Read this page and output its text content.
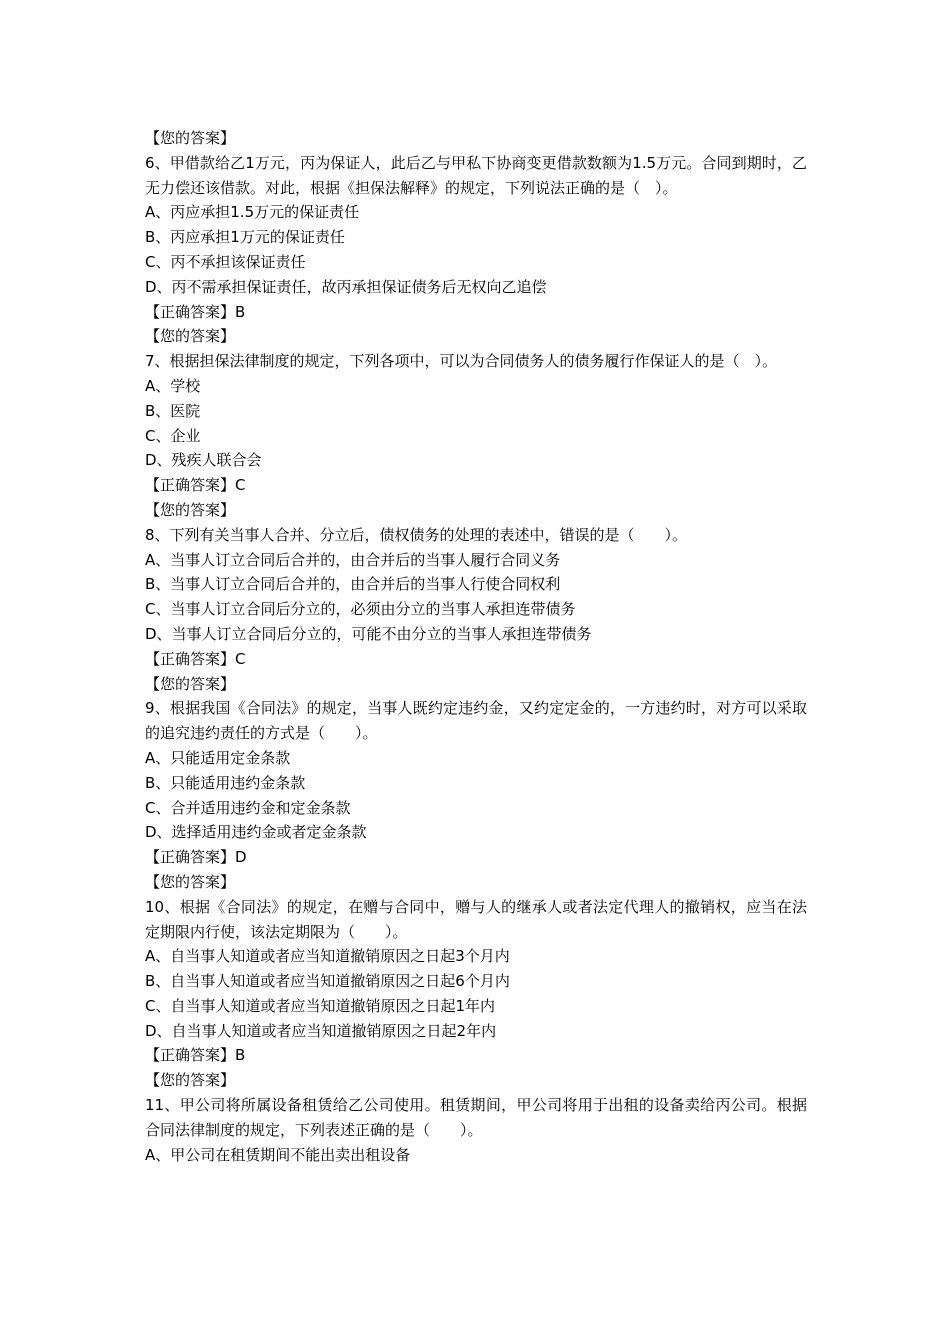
【您的答案】
6、甲借款给乙1万元，丙为保证人，此后乙与甲私下协商变更借款数额为1.5万元。合同到期时，乙无力偿还该借款。对此，根据《担保法解释》的规定，下列说法正确的是（　）。
A、丙应承担1.5万元的保证责任
B、丙应承担1万元的保证责任
C、丙不承担该保证责任
D、丙不需承担保证责任，故丙承担保证债务后无权向乙追偿
【正确答案】B
【您的答案】
7、根据担保法律制度的规定，下列各项中，可以为合同债务人的债务履行作保证人的是（　）。
A、学校
B、医院
C、企业
D、残疾人联合会
【正确答案】C
【您的答案】
8、下列有关当事人合并、分立后，债权债务的处理的表述中，错误的是（　　）。
A、当事人订立合同后合并的，由合并后的当事人履行合同义务
B、当事人订立合同后合并的，由合并后的当事人行使合同权利
C、当事人订立合同后分立的，必须由分立的当事人承担连带债务
D、当事人订立合同后分立的，可能不由分立的当事人承担连带债务
【正确答案】C
【您的答案】
9、根据我国《合同法》的规定，当事人既约定违约金，又约定定金的，一方违约时，对方可以采取的追究违约责任的方式是（　　）。
A、只能适用定金条款
B、只能适用违约金条款
C、合并适用违约金和定金条款
D、选择适用违约金或者定金条款
【正确答案】D
【您的答案】
10、根据《合同法》的规定，在赠与合同中，赠与人的继承人或者法定代理人的撤销权，应当在法定期限内行使，该法定期限为（　　）。
A、自当事人知道或者应当知道撤销原因之日起3个月内
B、自当事人知道或者应当知道撤销原因之日起6个月内
C、自当事人知道或者应当知道撤销原因之日起1年内
D、自当事人知道或者应当知道撤销原因之日起2年内
【正确答案】B
【您的答案】
11、甲公司将所属设备租赁给乙公司使用。租赁期间，甲公司将用于出租的设备卖给丙公司。根据合同法律制度的规定，下列表述正确的是（　　）。
A、甲公司在租赁期间不能出卖出租设备
